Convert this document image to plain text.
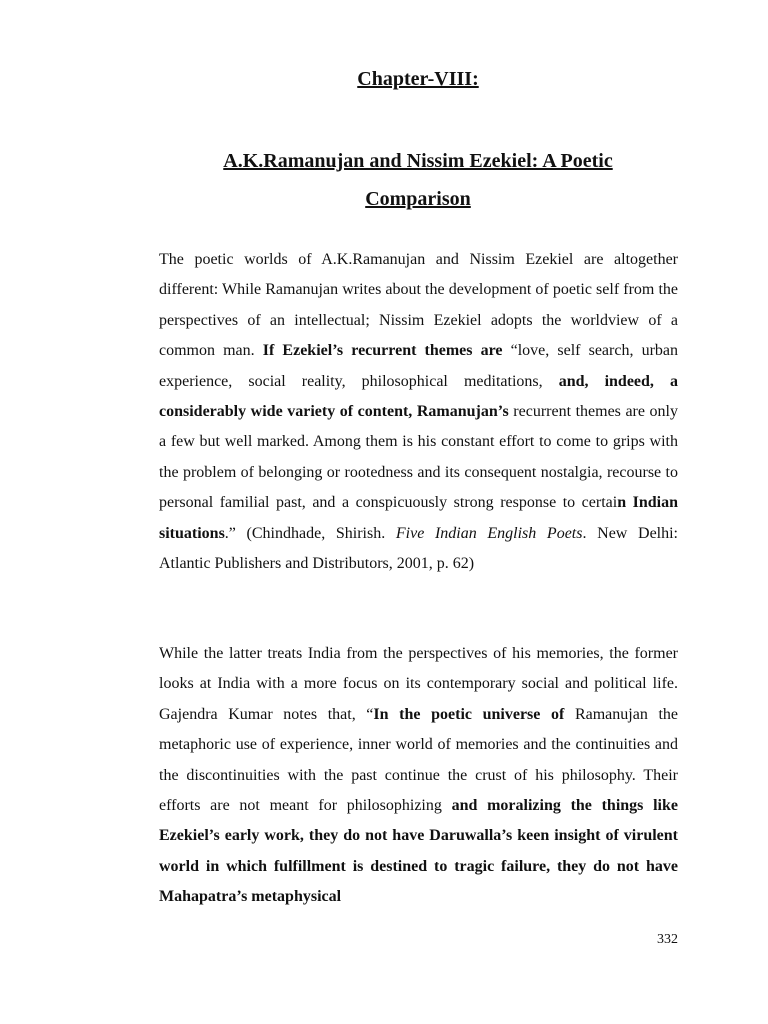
Chapter-VIII:
A.K.Ramanujan and Nissim Ezekiel: A Poetic
Comparison

The poetic worlds of A.K.Ramanujan and Nissim Ezekiel are altogether different: While Ramanujan writes about the development of poetic self from the perspectives of an intellectual; Nissim Ezekiel adopts the worldview of a common man. If Ezekiel’s recurrent themes are “love, self search, urban experience, social reality, philosophical meditations, and, indeed, a considerably wide variety of content, Ramanujan’s recurrent themes are only a few but well marked. Among them is his constant effort to come to grips with the problem of belonging or rootedness and its consequent nostalgia, recourse to personal familial past, and a conspicuously strong response to certain Indian situations.” (Chindhade, Shirish. Five Indian English Poets. New Delhi: Atlantic Publishers and Distributors, 2001, p. 62)

While the latter treats India from the perspectives of his memories, the former looks at India with a more focus on its contemporary social and political life. Gajendra Kumar notes that, “In the poetic universe of Ramanujan the metaphoric use of experience, inner world of memories and the continuities and the discontinuities with the past continue the crust of his philosophy. Their efforts are not meant for philosophizing and moralizing the things like Ezekiel’s early work, they do not have Daruwalla’s keen insight of virulent world in which fulfillment is destined to tragic failure, they do not have Mahapatra’s metaphysical

332
